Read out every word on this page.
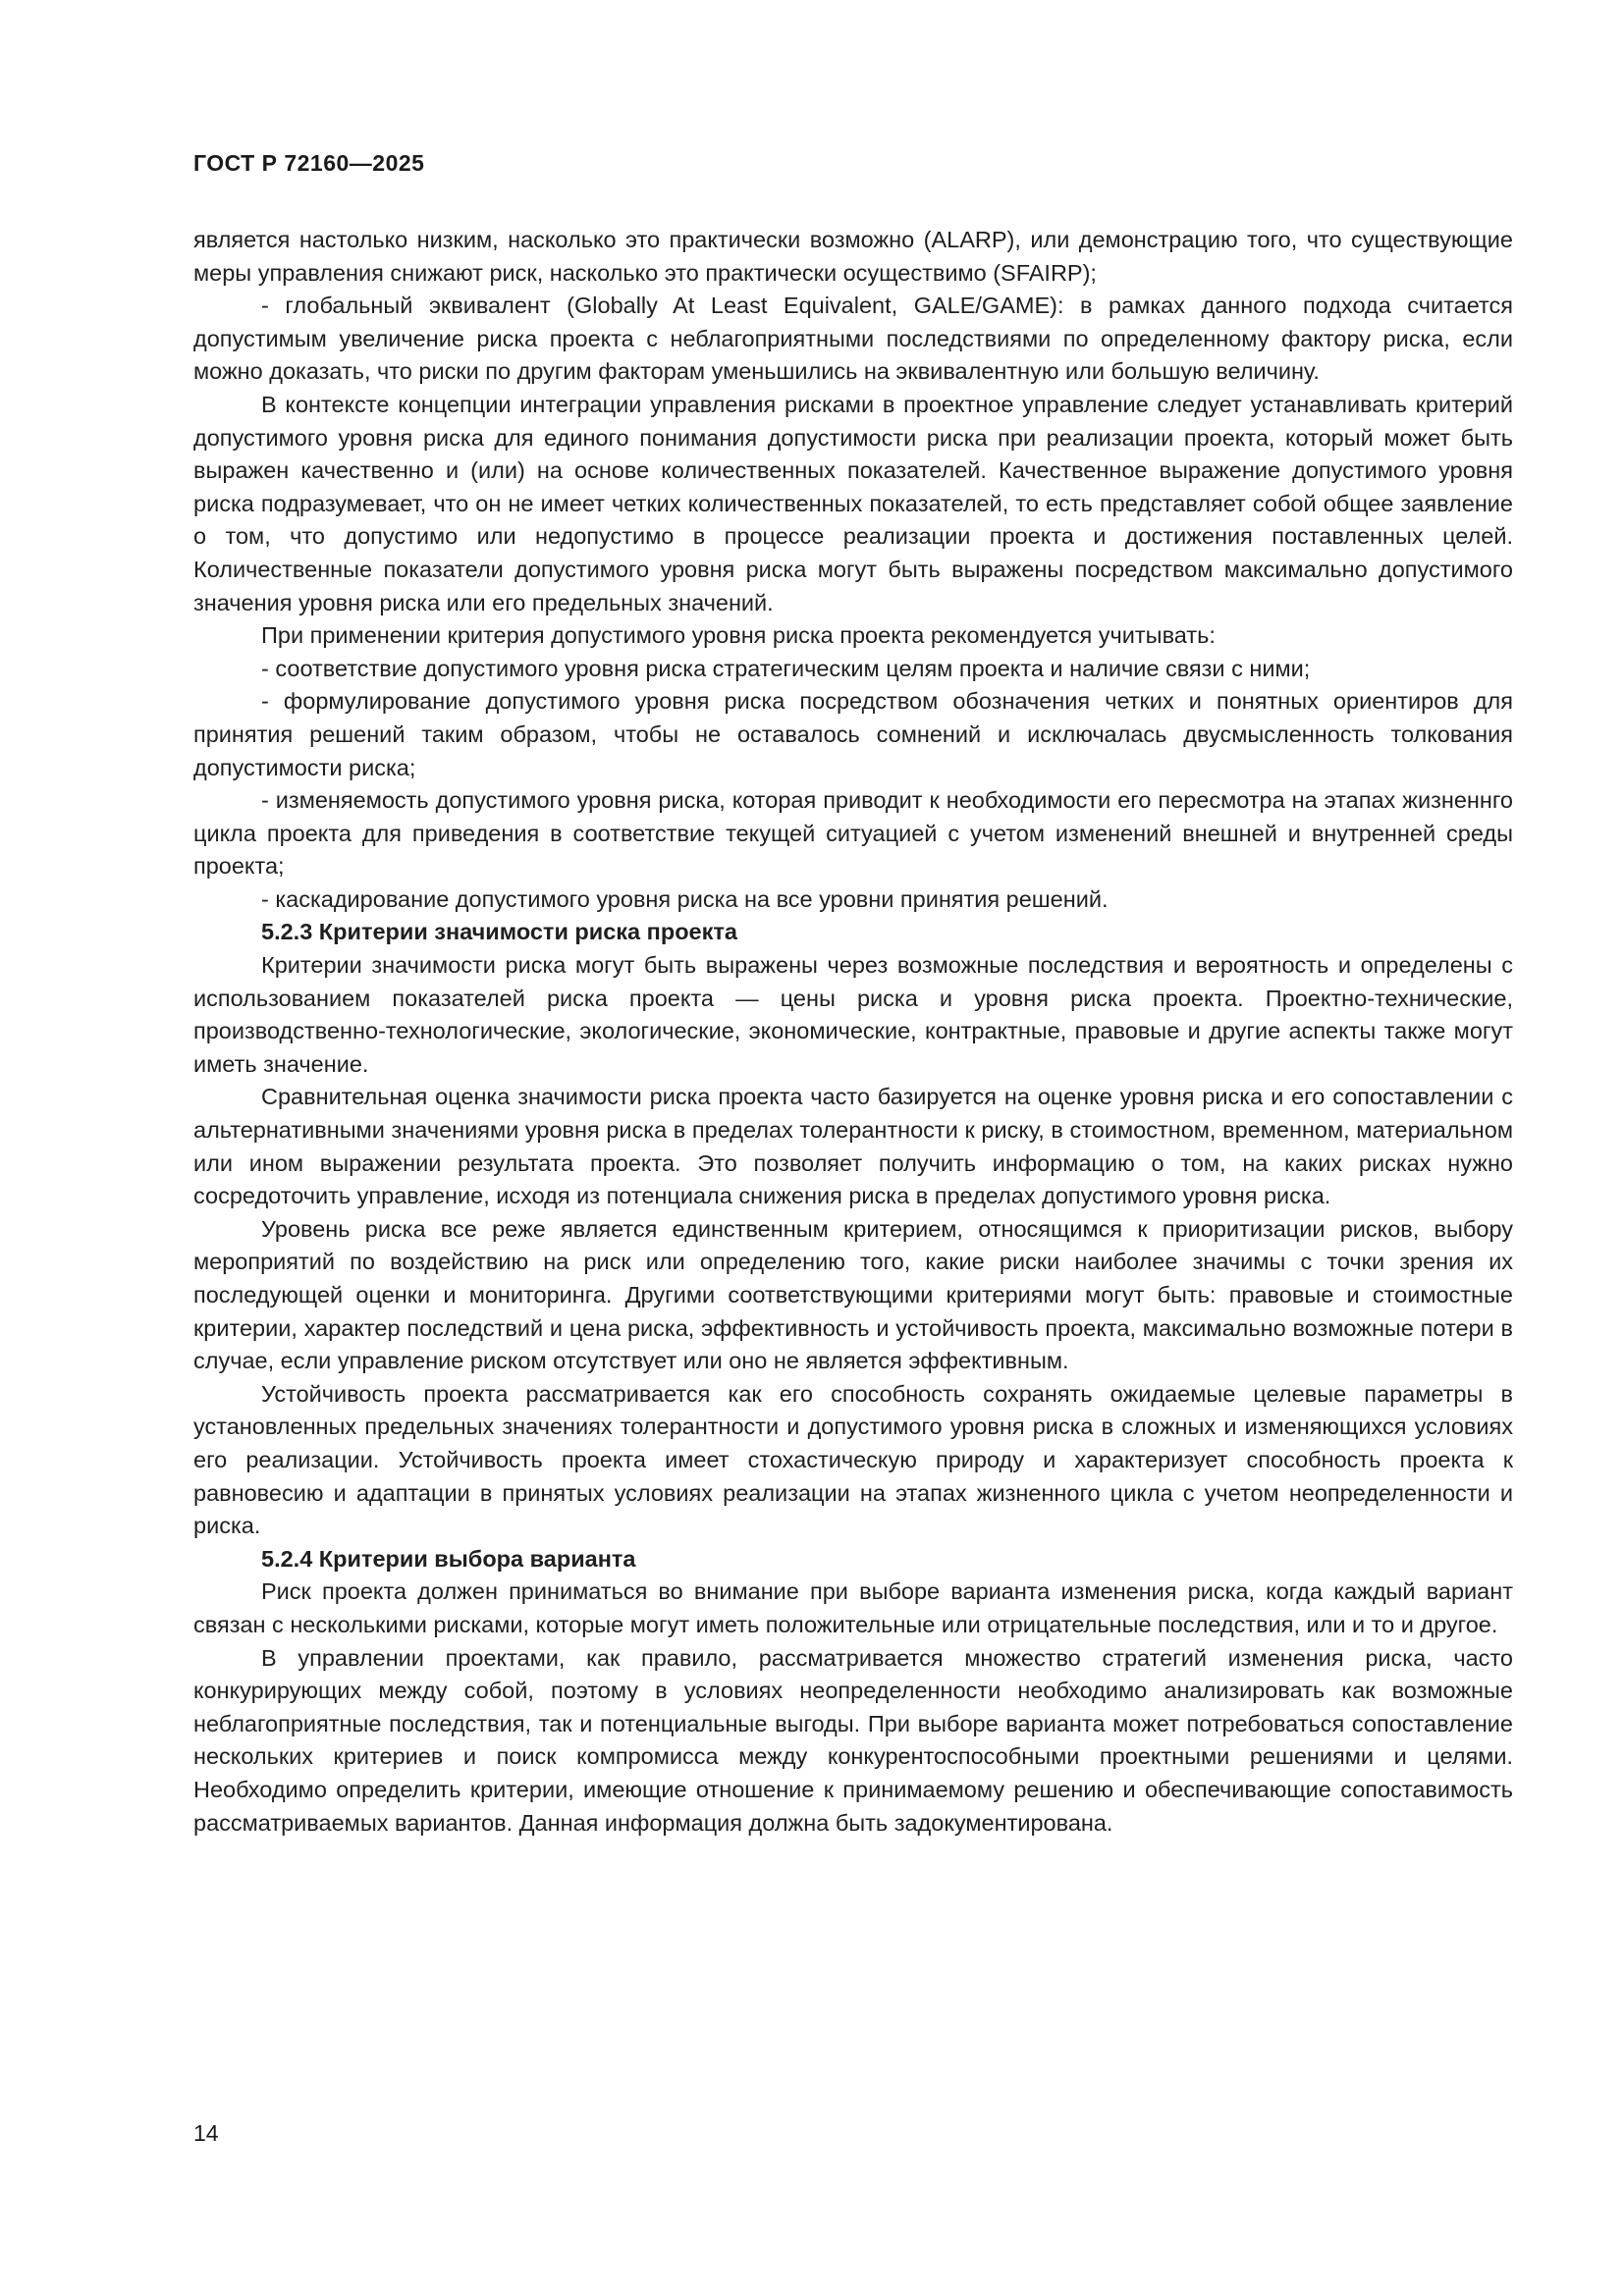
ГОСТ Р 72160—2025

является настолько низким, насколько это практически возможно (ALARP), или демонстрацию того, что существующие меры управления снижают риск, насколько это практически осуществимо (SFAIRP);

- глобальный эквивалент (Globally At Least Equivalent, GALE/GAME): в рамках данного подхода считается допустимым увеличение риска проекта с неблагоприятными последствиями по определенному фактору риска, если можно доказать, что риски по другим факторам уменьшились на эквивалентную или большую величину.

В контексте концепции интеграции управления рисками в проектное управление следует устанавливать критерий допустимого уровня риска для единого понимания допустимости риска при реализации проекта, который может быть выражен качественно и (или) на основе количественных показателей. Качественное выражение допустимого уровня риска подразумевает, что он не имеет четких количественных показателей, то есть представляет собой общее заявление о том, что допустимо или недопустимо в процессе реализации проекта и достижения поставленных целей. Количественные показатели допустимого уровня риска могут быть выражены посредством максимально допустимого значения уровня риска или его предельных значений.

При применении критерия допустимого уровня риска проекта рекомендуется учитывать:

- соответствие допустимого уровня риска стратегическим целям проекта и наличие связи с ними;

- формулирование допустимого уровня риска посредством обозначения четких и понятных ориентиров для принятия решений таким образом, чтобы не оставалось сомнений и исключалась двусмысленность толкования допустимости риска;

- изменяемость допустимого уровня риска, которая приводит к необходимости его пересмотра на этапах жизненнго цикла проекта для приведения в соответствие текущей ситуацией с учетом изменений внешней и внутренней среды проекта;

- каскадирование допустимого уровня риска на все уровни принятия решений.

5.2.3 Критерии значимости риска проекта

Критерии значимости риска могут быть выражены через возможные последствия и вероятность и определены с использованием показателей риска проекта — цены риска и уровня риска проекта. Проектно-технические, производственно-технологические, экологические, экономические, контрактные, правовые и другие аспекты также могут иметь значение.

Сравнительная оценка значимости риска проекта часто базируется на оценке уровня риска и его сопоставлении с альтернативными значениями уровня риска в пределах толерантности к риску, в стоимостном, временном, материальном или ином выражении результата проекта. Это позволяет получить информацию о том, на каких рисках нужно сосредоточить управление, исходя из потенциала снижения риска в пределах допустимого уровня риска.

Уровень риска все реже является единственным критерием, относящимся к приоритизации рисков, выбору мероприятий по воздействию на риск или определению того, какие риски наиболее значимы с точки зрения их последующей оценки и мониторинга. Другими соответствующими критериями могут быть: правовые и стоимостные критерии, характер последствий и цена риска, эффективность и устойчивость проекта, максимально возможные потери в случае, если управление риском отсутствует или оно не является эффективным.

Устойчивость проекта рассматривается как его способность сохранять ожидаемые целевые параметры в установленных предельных значениях толерантности и допустимого уровня риска в сложных и изменяющихся условиях его реализации. Устойчивость проекта имеет стохастическую природу и характеризует способность проекта к равновесию и адаптации в принятых условиях реализации на этапах жизненного цикла с учетом неопределенности и риска.

5.2.4 Критерии выбора варианта

Риск проекта должен приниматься во внимание при выборе варианта изменения риска, когда каждый вариант связан с несколькими рисками, которые могут иметь положительные или отрицательные последствия, или и то и другое.

В управлении проектами, как правило, рассматривается множество стратегий изменения риска, часто конкурирующих между собой, поэтому в условиях неопределенности необходимо анализировать как возможные неблагоприятные последствия, так и потенциальные выгоды. При выборе варианта может потребоваться сопоставление нескольких критериев и поиск компромисса между конкурентоспособными проектными решениями и целями. Необходимо определить критерии, имеющие отношение к принимаемому решению и обеспечивающие сопоставимость рассматриваемых вариантов. Данная информация должна быть задокументирована.

14
